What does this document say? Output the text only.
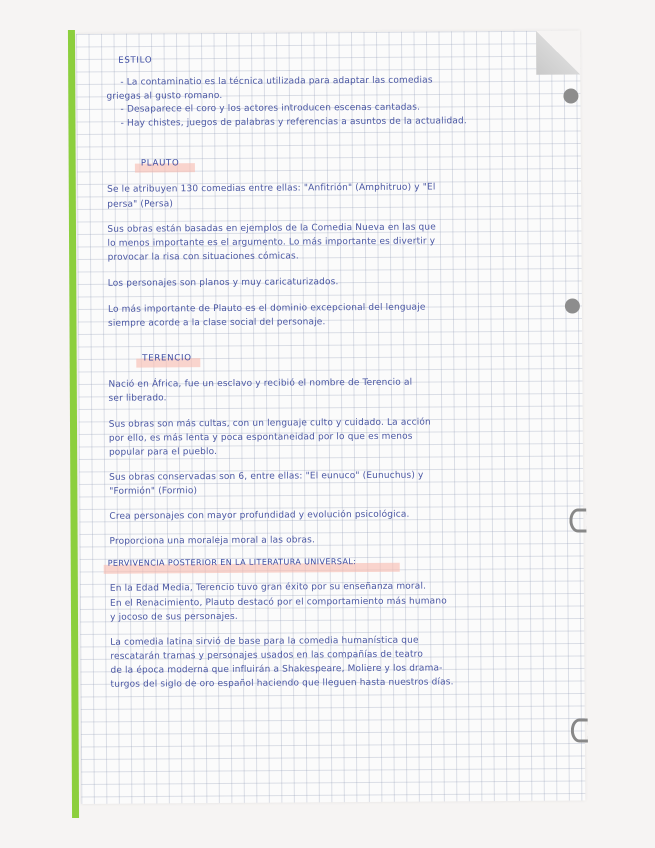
ESTILO
- La contaminatio es la técnica utilizada para adaptar las comedias
griegas al gusto romano.
- Desaparece el coro y los actores introducen escenas cantadas.
- Hay chistes, juegos de palabras y referencias a asuntos de la actualidad.
PLAUTO
Se le atribuyen 130 comedias entre ellas: "Anfitrión" (Amphitruo) y "El
persa" (Persa)
Sus obras están basadas en ejemplos de la Comedia Nueva en las que
lo menos importante es el argumento. Lo más importante es divertir y
provocar la risa con situaciones cómicas.
Los personajes son planos y muy caricaturizados.
Lo más importante de Plauto es el dominio excepcional del lenguaje
siempre acorde a la clase social del personaje.
TERENCIO
Nació en África, fue un esclavo y recibió el nombre de Terencio al
ser liberado.
Sus obras son más cultas, con un lenguaje culto y cuidado. La acción
por ello, es más lenta y poca espontaneidad por lo que es menos
popular para el pueblo.
Sus obras conservadas son 6, entre ellas: "El eunuco" (Eunuchus) y
"Formión" (Formio)
Crea personajes con mayor profundidad y evolución psicológica.
Proporciona una moraleja moral a las obras.
PERVIVENCIA POSTERIOR EN LA LITERATURA UNIVERSAL:
En la Edad Media, Terencio tuvo gran éxito por su enseñanza moral.
En el Renacimiento, Plauto destacó por el comportamiento más humano
y jocoso de sus personajes.
La comedia latina sirvió de base para la comedia humanística que
rescatarán tramas y personajes usados en las compañías de teatro
de la época moderna que influirán a Shakespeare, Moliere y los drama-
turgos del siglo de oro español haciendo que lleguen hasta nuestros días.
